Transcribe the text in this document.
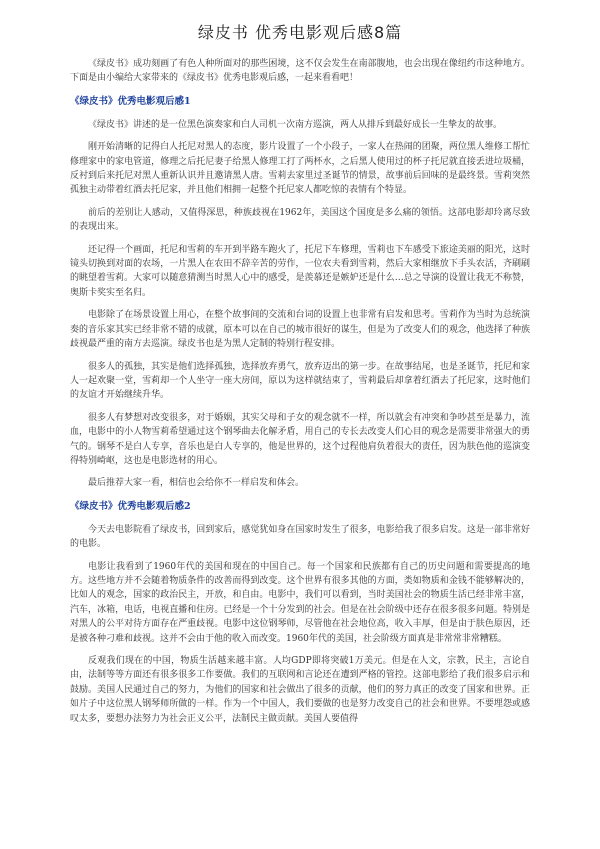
绿皮书 优秀电影观后感8篇

《绿皮书》成功刻画了有色人种所面对的那些困境，这不仅会发生在南部腹地，也会出现在像纽约市这种地方。下面是由小编给大家带来的《绿皮书》优秀电影观后感，一起来看看吧！

《绿皮书》优秀电影观后感1

《绿皮书》讲述的是一位黑色演奏家和白人司机一次南方巡演，两人从排斥到最好成长一生挚友的故事。

刚开始清晰的记得白人托尼对黑人的态度，影片设置了一个小段子，一家人在热闹的团聚，两位黑人维修工帮忙修理家中的家电管道，修理之后托尼妻子给黑人修理工打了两杯水，之后黑人使用过的杯子托尼就直接丢进垃圾桶，反衬到后来托尼对黑人重新认识并且邀请黑人唐。雪莉去家里过圣诞节的情景，故事前后回味的是最终景。雪莉突然孤独主动带着红酒去托尼家，并且他们相拥一起整个托尼家人都吃惊的表情有个特显。

前后的差别让人感动，又值得深思，种族歧视在1962年，美国这个国度是多么痛的领悟。这部电影却玲离尽致的表现出来。

还记得一个画面，托尼和雪莉的车开到半路车跑火了，托尼下车修理，雪莉也下车感受下旅途美丽的阳光，这时镜头切换到对面的农场，一片黑人在农田不辞辛苦的劳作，一位农夫看到雪莉，然后大家相继放下手头农活，齐刷刷的眺望着雪莉。大家可以随意猜测当时黑人心中的感受，是羡慕还是嫉妒还是什么…总之导演的设置让我无不称赞，奥斯卡奖实至名归。

电影除了在场景设置上用心，在整个故事间的交流和台词的设置上也非常有启发和思考。雪莉作为当时为总统演奏的音乐家其实已经非常不错的成就，原本可以在自己的城市很好的谋生，但是为了改变人们的观念，他选择了种族歧视最严重的南方去巡演。绿皮书也是为黑人定制的特别行程安排。

很多人的孤独，其实是他们选择孤独，选择放弃勇气，放弃迈出的第一步。在故事结尾，也是圣诞节，托尼和家人一起欢聚一堂，雪莉却一个人坐守一座大房间，原以为这样就结束了，雪莉最后却拿着红酒去了托尼家，这时他们的友谊才开始继续升华。

很多人有梦想对改变很多，对于婚姻，其实父母和子女的观念就不一样，所以就会有冲突和争吵甚至是暴力，流血，电影中的小人物雪莉希望通过这个钢琴曲去化解矛盾，用自己的专长去改变人们心目的观念是需要非常强大的勇气的。钢琴不是白人专享，音乐也是白人专享的，他是世界的，这个过程他肩负着很大的责任，因为肤色他的巡演变得特别崎岖，这也是电影选材的用心。

最后推荐大家一看，相信也会给你不一样启发和体会。

《绿皮书》优秀电影观后感2

今天去电影院看了绿皮书，回到家后，感觉犹如身在国家时发生了很多，电影给我了很多启发。这是一部非常好的电影。

电影让我看到了1960年代的美国和现在的中国自己。每一个国家和民族都有自己的历史问题和需要提高的地方。这些地方并不会随着物质条件的改善而得到改变。这个世界有很多其他的方面，类如物质和金钱不能够解决的，比如人的观念，国家的政治民主，开放，和自由。电影中，我们可以看到，当时美国社会的物质生活已经非常丰富，汽车，冰箱，电话，电视直播和住房。已经是一个十分发到的社会。但是在社会阶级中还存在很多很多问题。特别是对黑人的公平对待方面存在严重歧视。电影中这位钢琴师，尽管他在社会地位高，收入丰厚，但是由于肤色原因，还是被各种刁难和歧视。这并不会由于他的收入而改变。1960年代的美国，社会阶级方面真是非常常非常糟糕。

反观我们现在的中国，物质生活越来越丰富。人均GDP即将突破1万美元。但是在人文，宗教，民主，言论自由，法制等等方面还有很多很多工作要做。我们的互联网和言论还在遭到严格的管控。这部电影给了我们很多启示和鼓励。美国人民通过自己的努力，为他们的国家和社会做出了很多的贡献，他们的努力真正的改变了国家和世界。正如片子中这位黑人钢琴师所做的一样。作为一个中国人，我们要做的也是努力改变自己的社会和世界。不要埋怨或感叹太多，要想办法努力为社会正义公平，法制民主做贡献。美国人要值得
